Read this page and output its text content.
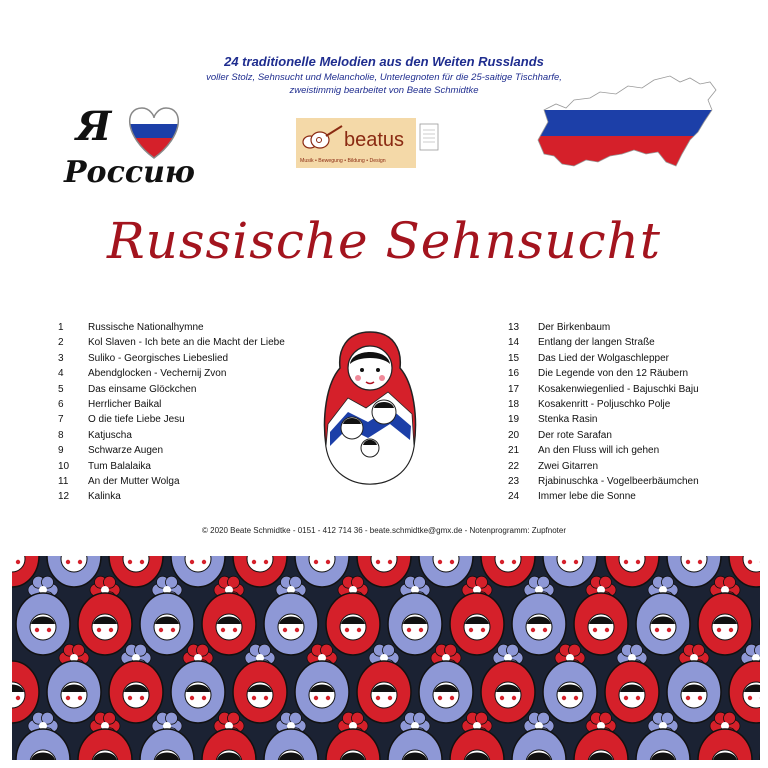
24 traditionelle Melodien aus den Weiten Russlands
voller Stolz, Sehnsucht und Melancholie, Unterlegnoten für die 25-saitige Tischharfe,
zweistimmig bearbeitet von Beate Schmidtke
Я
Россию
beatus
Musik • Bewegung • Bildung • Design
Russische Sehnsucht
1 Russische Nationalhymne
2 Kol Slaven - Ich bete an die Macht der Liebe
3 Suliko - Georgisches Liebeslied
4 Abendglocken - Vechernij Zvon
5 Das einsame Glöckchen
6 Herrlicher Baikal
7 O die tiefe Liebe Jesu
8 Katjuscha
9 Schwarze Augen
10 Tum Balalaika
11 An der Mutter Wolga
12 Kalinka
13 Der Birkenbaum
14 Entlang der langen Straße
15 Das Lied der Wolgaschlepper
16 Die Legende von den 12 Räubern
17 Kosakenwiegenlied - Bajuschki Baju
18 Kosakenritt - Poljuschko Polje
19 Stenka Rasin
20 Der rote Sarafan
21 An den Fluss will ich gehen
22 Zwei Gitarren
23 Rjabinuschka - Vogelbeerbäumchen
24 Immer lebe die Sonne
© 2020 Beate Schmidtke - 0151 - 412 714 36 - beate.schmidtke@gmx.de - Notenprogramm: Zupfnoter
